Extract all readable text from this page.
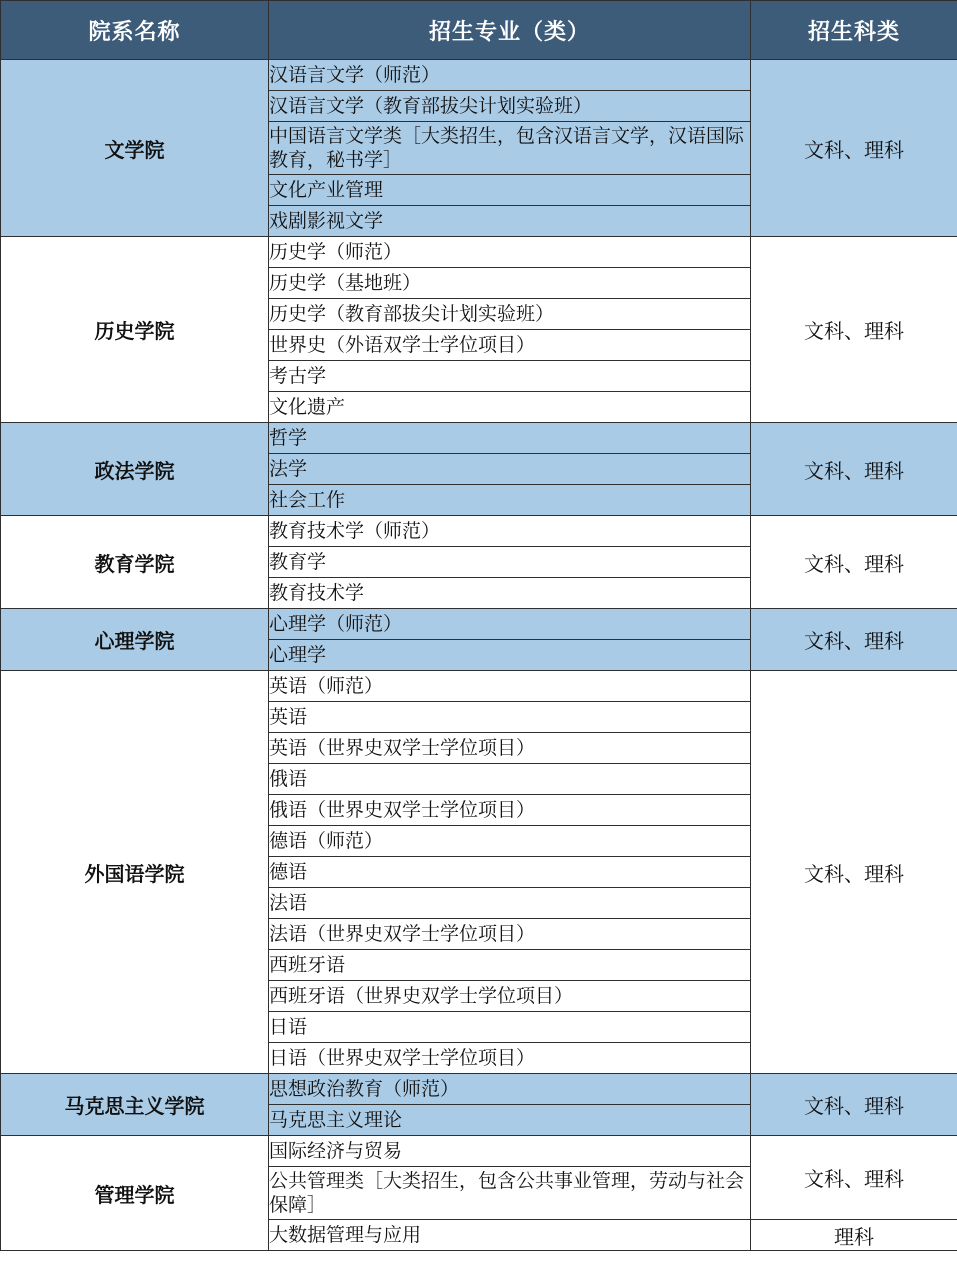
院系名称	招生专业（类）	招生科类
文学院	汉语言文学（师范）	文科、理科
	汉语言文学（教育部拔尖计划实验班）	
	中国语言文学类［大类招生，包含汉语言文学，汉语国际教育，秘书学］	
	文化产业管理	
	戏剧影视文学	
历史学院	历史学（师范）	文科、理科
	历史学（基地班）	
	历史学（教育部拔尖计划实验班）	
	世界史（外语双学士学位项目）	
	考古学	
	文化遗产	
政法学院	哲学	文科、理科
	法学	
	社会工作	
教育学院	教育技术学（师范）	文科、理科
	教育学	
	教育技术学	
心理学院	心理学（师范）	文科、理科
	心理学	
外国语学院	英语（师范）	文科、理科
	英语	
	英语（世界史双学士学位项目）	
	俄语	
	俄语（世界史双学士学位项目）	
	德语（师范）	
	德语	
	法语	
	法语（世界史双学士学位项目）	
	西班牙语	
	西班牙语（世界史双学士学位项目）	
	日语	
	日语（世界史双学士学位项目）	
马克思主义学院	思想政治教育（师范）	文科、理科
	马克思主义理论	
管理学院	国际经济与贸易	文科、理科
	公共管理类［大类招生，包含公共事业管理，劳动与社会保障］	
	大数据管理与应用	理科
